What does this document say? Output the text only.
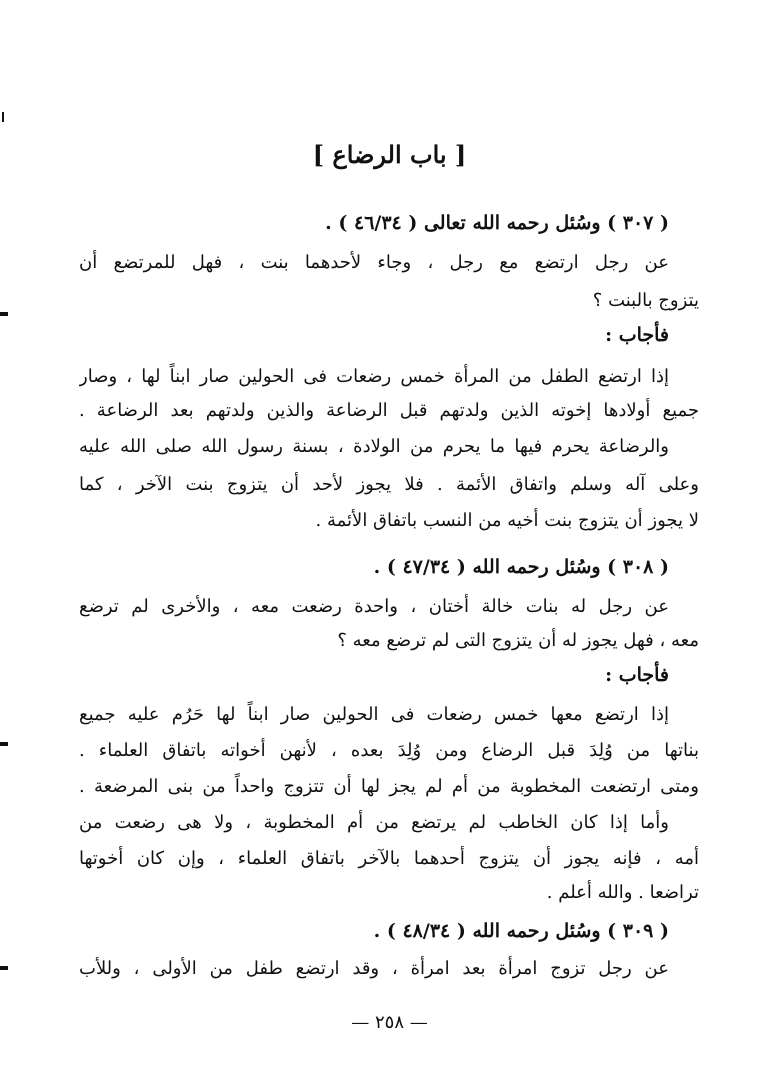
[ باب الرضاع ]
( ٣٠٧ ) وسُئل رحمه الله تعالى ( ٤٦/٣٤ ) .
عن رجل ارتضع مع رجل ، وجاء لأحدهما بنت ، فهل للمرتضع أن
يتزوج بالبنت ؟
فأجاب :
إذا ارتضع الطفل من المرأة خمس رضعات فى الحولين صار ابناً لها ، وصار
جميع أولادها إخوته الذين ولدتهم قبل الرضاعة والذين ولدتهم بعد الرضاعة .
والرضاعة يحرم فيها ما يحرم من الولادة ، بسنة رسول الله صلى الله عليه
وعلى آله وسلم واتفاق الأئمة . فلا يجوز لأحد أن يتزوج بنت الآخر ، كما
لا يجوز أن يتزوج بنت أخيه من النسب باتفاق الأئمة .
( ٣٠٨ ) وسُئل رحمه الله ( ٤٧/٣٤ ) .
عن رجل له بنات خالة أختان ، واحدة رضعت معه ، والأخرى لم ترضع
معه ، فهل يجوز له أن يتزوج التى لم ترضع معه ؟
فأجاب :
إذا ارتضع معها خمس رضعات فى الحولين صار ابناً لها حَرُم عليه جميع
بناتها من وُلِدَ قبل الرضاع ومن وُلِدَ بعده ، لأنهن أخواته باتفاق العلماء .
ومتى ارتضعت المخطوبة من أم لم يجز لها أن تتزوج واحداً من بنى المرضعة .
وأما إذا كان الخاطب لم يرتضع من أم المخطوبة ، ولا هى رضعت من
أمه ، فإنه يجوز أن يتزوج أحدهما بالآخر باتفاق العلماء ، وإن كان أخوتها
تراضعا . والله أعلم .
( ٣٠٩ ) وسُئل رحمه الله ( ٤٨/٣٤ ) .
عن رجل تزوج امرأة بعد امرأة ، وقد ارتضع طفل من الأولى ، وللأب
— ٢٥٨ —
